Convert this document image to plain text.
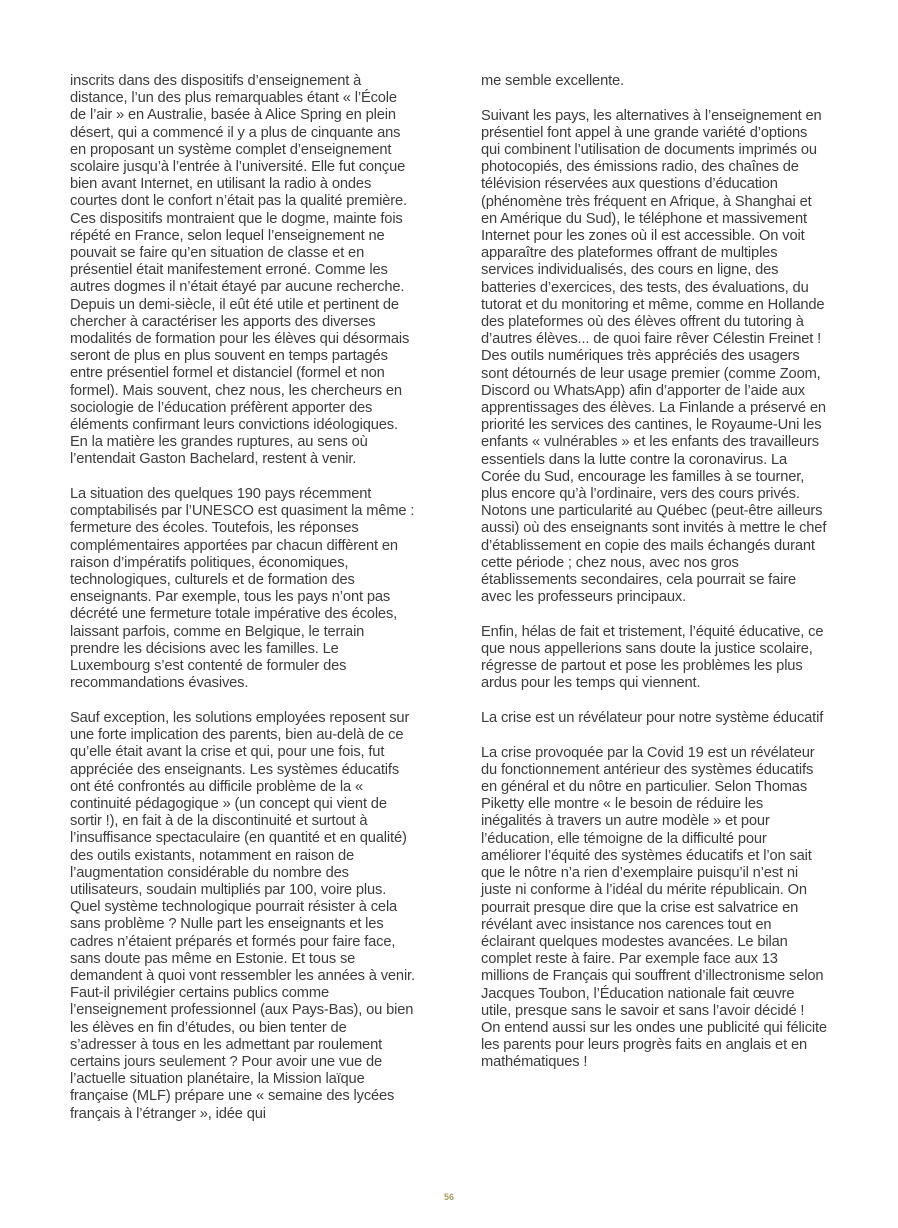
inscrits dans des dispositifs d’enseignement à distance, l’un des plus remarquables étant « l’École de l’air » en Australie, basée à Alice Spring en plein désert, qui a commencé il y a plus de cinquante ans en proposant un système complet d’enseignement scolaire jusqu’à l’entrée à l’université. Elle fut conçue bien avant Internet, en utilisant la radio à ondes courtes dont le confort n’était pas la qualité première. Ces dispositifs montraient que le dogme, mainte fois répété en France, selon lequel l’enseignement ne pouvait se faire qu’en situation de classe et en présentiel était manifestement erroné. Comme les autres dogmes il n’était étayé par aucune recherche. Depuis un demi-siècle, il eût été utile et pertinent de chercher à caractériser les apports des diverses modalités de formation pour les élèves qui désormais seront de plus en plus souvent en temps partagés entre présentiel formel et distanciel (formel et non formel). Mais souvent, chez nous, les chercheurs en sociologie de l’éducation préfèrent apporter des éléments confirmant leurs convictions idéologiques. En la matière les grandes ruptures, au sens où l’entendait Gaston Bachelard, restent à venir.

La situation des quelques 190 pays récemment comptabilisés par l’UNESCO est quasiment la même : fermeture des écoles. Toutefois, les réponses complémentaires apportées par chacun diffèrent en raison d’impératifs politiques, économiques, technologiques, culturels et de formation des enseignants. Par exemple, tous les pays n’ont pas décrété une fermeture totale impérative des écoles, laissant parfois, comme en Belgique, le terrain prendre les décisions avec les familles. Le Luxembourg s’est contenté de formuler des recommandations évasives.

Sauf exception, les solutions employées reposent sur une forte implication des parents, bien au-delà de ce qu’elle était avant la crise et qui, pour une fois, fut appréciée des enseignants. Les systèmes éducatifs ont été confrontés au difficile problème de la « continuité pédagogique » (un concept qui vient de sortir !), en fait à de la discontinuité et surtout à l’insuffisance spectaculaire (en quantité et en qualité) des outils existants, notamment en raison de l’augmentation considérable du nombre des utilisateurs, soudain multipliés par 100, voire plus. Quel système technologique pourrait résister à cela sans problème ? Nulle part les enseignants et les cadres n’étaient préparés et formés pour faire face, sans doute pas même en Estonie. Et tous se demandent à quoi vont ressembler les années à venir. Faut-il privilégier certains publics comme l’enseignement professionnel (aux Pays-Bas), ou bien les élèves en fin d’études, ou bien tenter de s’adresser à tous en les admettant par roulement certains jours seulement ? Pour avoir une vue de l’actuelle situation planétaire, la Mission laïque française (MLF) prépare une « semaine des lycées français à l’étranger », idée qui

me semble excellente.

Suivant les pays, les alternatives à l’enseignement en présentiel font appel à une grande variété d’options qui combinent l’utilisation de documents imprimés ou photocopiés, des émissions radio, des chaînes de télévision réservées aux questions d’éducation (phénomène très fréquent en Afrique, à Shanghai et en Amérique du Sud), le téléphone et massivement Internet pour les zones où il est accessible. On voit apparaître des plateformes offrant de multiples services individualisés, des cours en ligne, des batteries d’exercices, des tests, des évaluations, du tutorat et du monitoring et même, comme en Hollande des plateformes où des élèves offrent du tutoring à d’autres élèves... de quoi faire rêver Célestin Freinet ! Des outils numériques très appréciés des usagers sont détournés de leur usage premier (comme Zoom, Discord ou WhatsApp) afin d’apporter de l’aide aux apprentissages des élèves. La Finlande a préservé en priorité les services des cantines, le Royaume-Uni les enfants « vulnérables » et les enfants des travailleurs essentiels dans la lutte contre la coronavirus. La Corée du Sud, encourage les familles à se tourner, plus encore qu’à l’ordinaire, vers des cours privés. Notons une particularité au Québec (peut-être ailleurs aussi) où des enseignants sont invités à mettre le chef d’établissement en copie des mails échangés durant cette période ; chez nous, avec nos gros établissements secondaires, cela pourrait se faire avec les professeurs principaux.

Enfin, hélas de fait et tristement, l’équité éducative, ce que nous appellerions sans doute la justice scolaire, régresse de partout et pose les problèmes les plus ardus pour les temps qui viennent.

La crise est un révélateur pour notre système éducatif

La crise provoquée par la Covid 19 est un révélateur du fonctionnement antérieur des systèmes éducatifs en général et du nôtre en particulier. Selon Thomas Piketty elle montre « le besoin de réduire les inégalités à travers un autre modèle » et pour l’éducation, elle témoigne de la difficulté pour améliorer l’équité des systèmes éducatifs et l’on sait que le nôtre n’a rien d’exemplaire puisqu’il n’est ni juste ni conforme à l’idéal du mérite républicain. On pourrait presque dire que la crise est salvatrice en révélant avec insistance nos carences tout en éclairant quelques modestes avancées. Le bilan complet reste à faire. Par exemple face aux 13 millions de Français qui souffrent d’illectronisme selon Jacques Toubon, l’Éducation nationale fait œuvre utile, presque sans le savoir et sans l’avoir décidé ! On entend aussi sur les ondes une publicité qui félicite les parents pour leurs progrès faits en anglais et en mathématiques !

56
